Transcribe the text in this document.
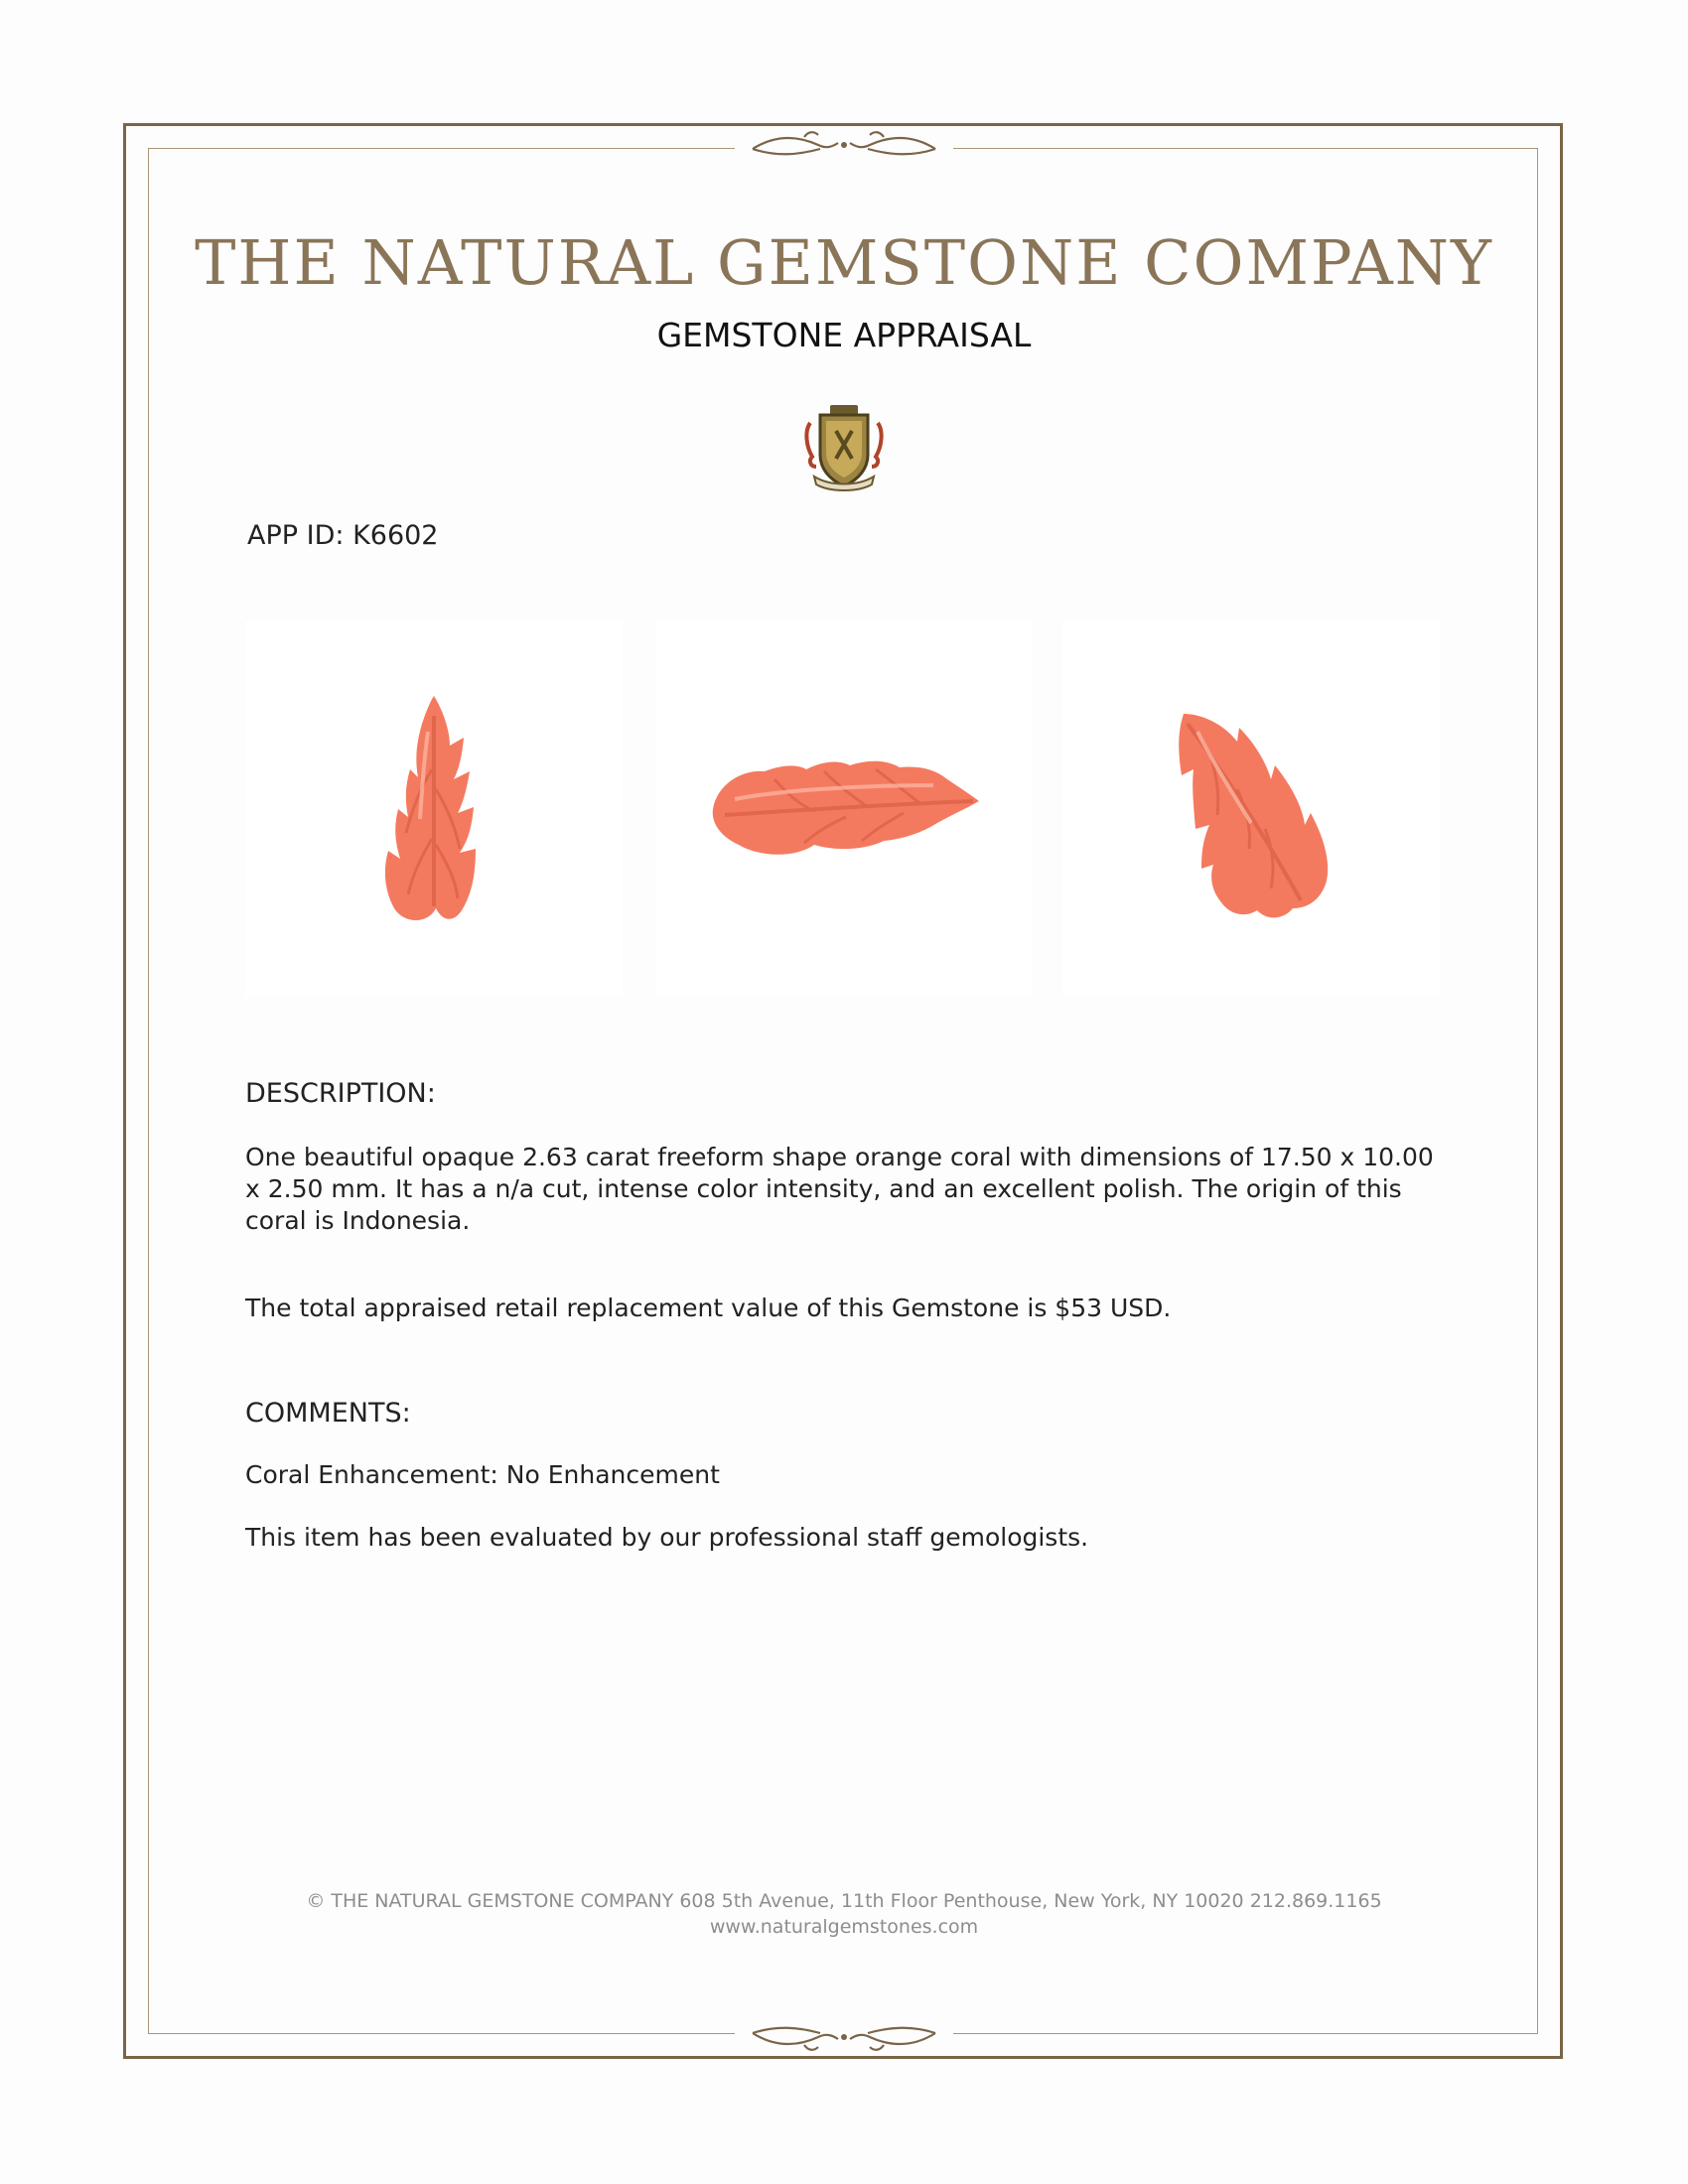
THE NATURAL GEMSTONE COMPANY
GEMSTONE APPRAISAL
APP ID: K6602
DESCRIPTION:
One beautiful opaque 2.63 carat freeform shape orange coral with dimensions of 17.50 x 10.00 x 2.50 mm. It has a n/a cut, intense color intensity, and an excellent polish. The origin of this coral is Indonesia.
The total appraised retail replacement value of this Gemstone is $53 USD.
COMMENTS:
Coral Enhancement: No Enhancement
This item has been evaluated by our professional staff gemologists.
© THE NATURAL GEMSTONE COMPANY 608 5th Avenue, 11th Floor Penthouse, New York, NY 10020 212.869.1165
www.naturalgemstones.com
